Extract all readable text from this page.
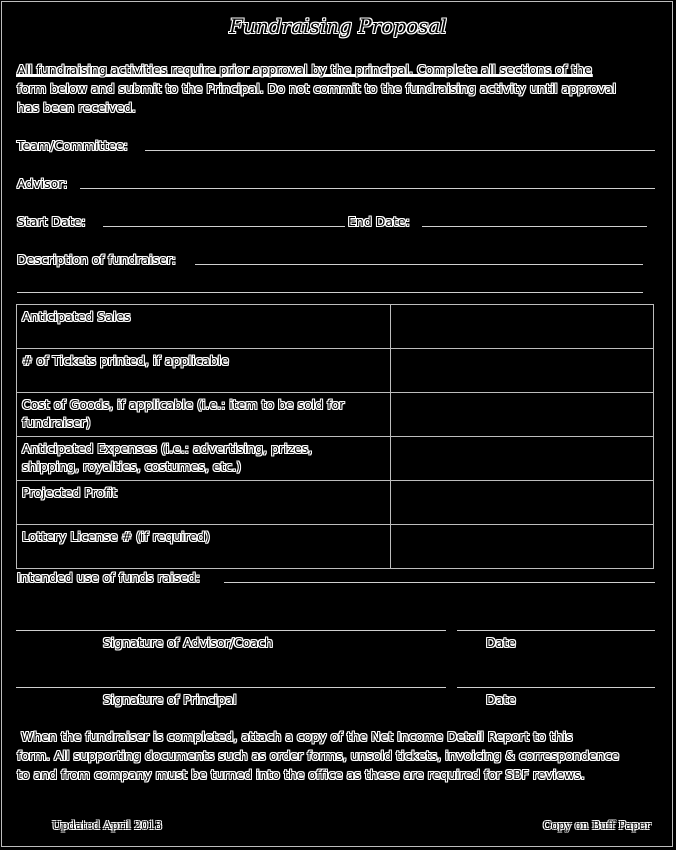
Fundraising Proposal
All fundraising activities require prior approval by the principal. Complete all sections of the
form below and submit to the Principal. Do not commit to the fundraising activity until approval
has been received.
Team/Committee:
Advisor:
Start Date:	End Date:
Description of fundraiser:
Anticipated Sales	

# of Tickets printed, if applicable	

Cost of Goods, if applicable (i.e.: item to be sold for
fundraiser)	

Anticipated Expenses (i.e.: advertising, prizes,
shipping, royalties, costumes, etc.)	

Projected Profit	

Lottery License # (if required)	

Intended use of funds raised:
Signature of Advisor/Coach	Date
Signature of Principal	Date
When the fundraiser is completed, attach a copy of the Net Income Detail Report to this
form. All supporting documents such as order forms, unsold tickets, invoicing & correspondence
to and from company must be turned into the office as these are required for SBF reviews.
Updated April 2013	Copy on Buff Paper
